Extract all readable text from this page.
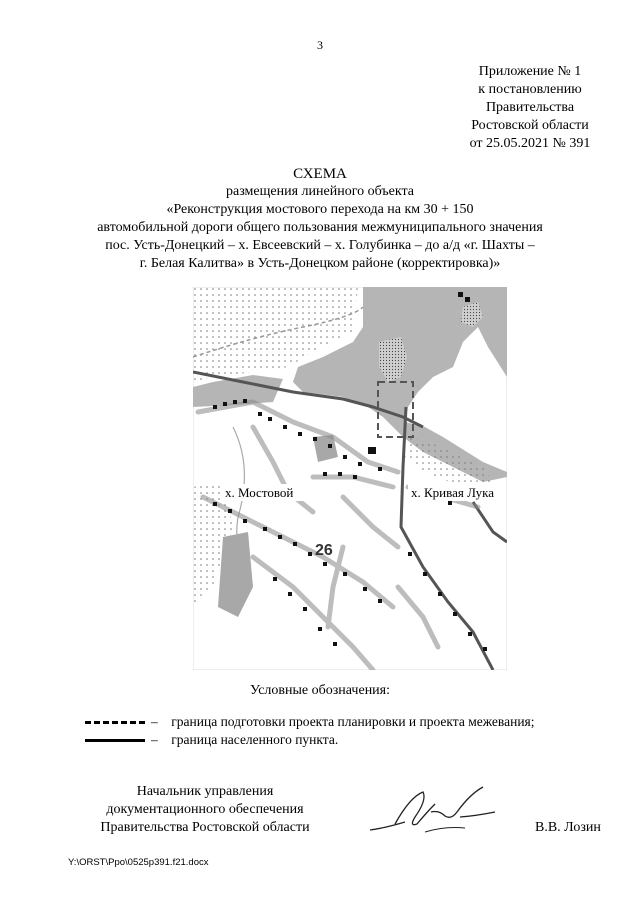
3
Приложение № 1
к постановлению
Правительства
Ростовской области
от 25.05.2021 № 391
СХЕМА
размещения линейного объекта
«Реконструкция мостового перехода на км 30 + 150
автомобильной дороги общего пользования межмуниципального значения
пос. Усть-Донецкий – х. Евсеевский – х. Голубинка – до а/д «г. Шахты –
г. Белая Калитва» в Усть-Донецком районе (корректировка)»
х. Мостовой	х. Кривая Лука
26
Условные обозначения:
– граница подготовки проекта планировки и проекта межевания;
– граница населенного пункта.
Начальник управления
документационного обеспечения
Правительства Ростовской области	В.В. Лозин
Y:\ORST\Ppo\0525p391.f21.docx
